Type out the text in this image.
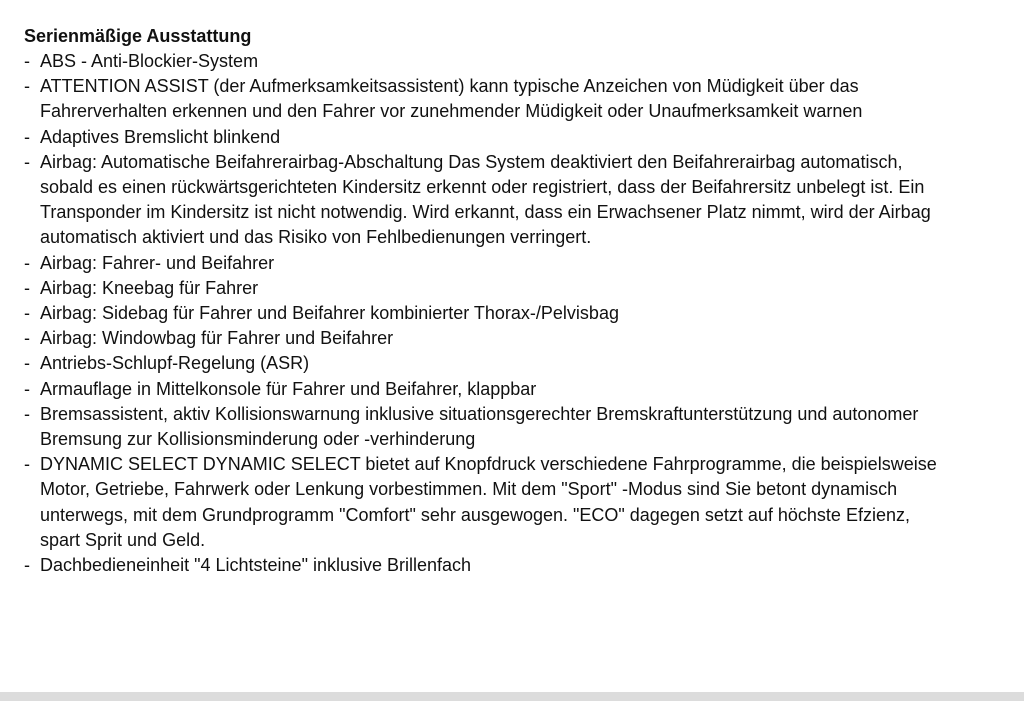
Serienmäßige Ausstattung
- ABS - Anti-Blockier-System
- ATTENTION ASSIST (der Aufmerksamkeitsassistent) kann typische Anzeichen von Müdigkeit über das Fahrerverhalten erkennen und den Fahrer vor zunehmender Müdigkeit oder Unaufmerksamkeit warnen
- Adaptives Bremslicht blinkend
- Airbag: Automatische Beifahrerairbag-Abschaltung Das System deaktiviert den Beifahrerairbag automatisch, sobald es einen rückwärtsgerichteten Kindersitz erkennt oder registriert, dass der Beifahrersitz unbelegt ist. Ein Transponder im Kindersitz ist nicht notwendig. Wird erkannt, dass ein Erwachsener Platz nimmt, wird der Airbag automatisch aktiviert und das Risiko von Fehlbedienungen verringert.
- Airbag: Fahrer- und Beifahrer
- Airbag: Kneebag für Fahrer
- Airbag: Sidebag für Fahrer und Beifahrer kombinierter Thorax-/Pelvisbag
- Airbag: Windowbag für Fahrer und Beifahrer
- Antriebs-Schlupf-Regelung (ASR)
- Armauflage in Mittelkonsole für Fahrer und Beifahrer, klappbar
- Bremsassistent, aktiv Kollisionswarnung inklusive situationsgerechter Bremskraftunterstützung und autonomer Bremsung zur Kollisionsminderung oder -verhinderung
- DYNAMIC SELECT DYNAMIC SELECT bietet auf Knopfdruck verschiedene Fahrprogramme, die beispielsweise Motor, Getriebe, Fahrwerk oder Lenkung vorbestimmen. Mit dem "Sport" -Modus sind Sie betont dynamisch unterwegs, mit dem Grundprogramm "Comfort" sehr ausgewogen. "ECO" dagegen setzt auf höchste Efzienz, spart Sprit und Geld.
- Dachbedieneinheit "4 Lichtsteine" inklusive Brillenfach
